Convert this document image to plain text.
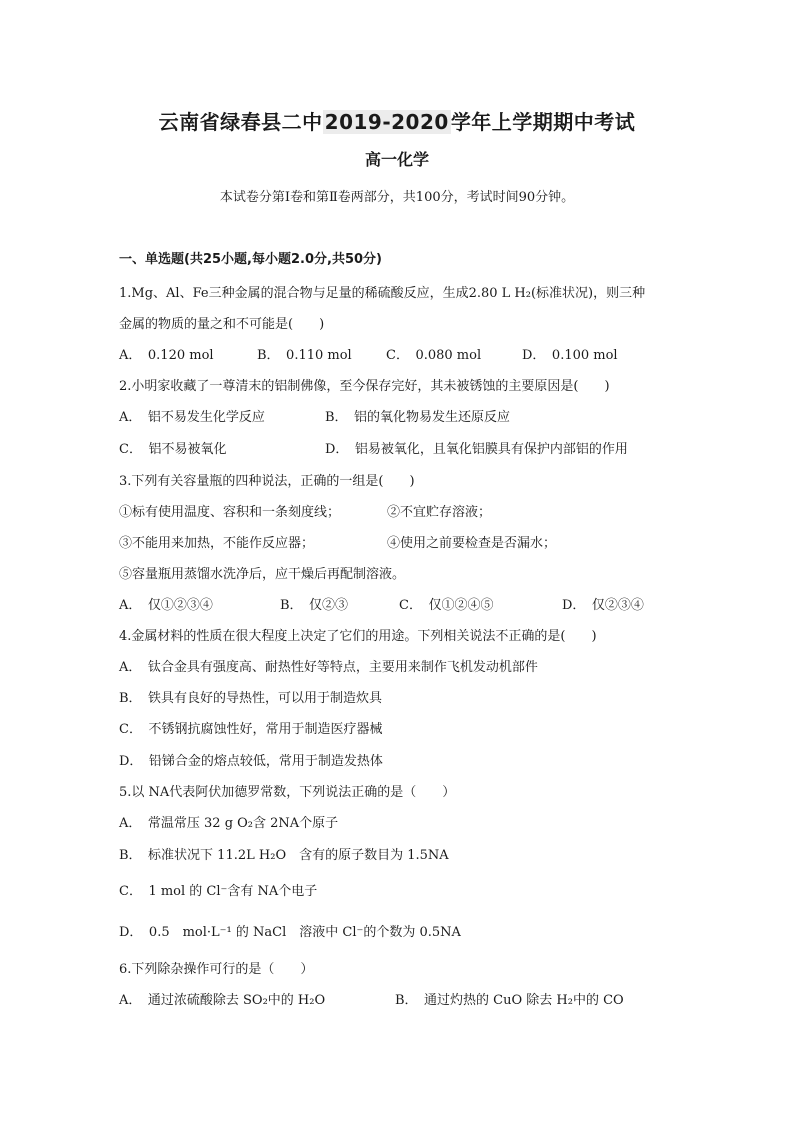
云南省绿春县二中 2019-2020 学年上学期期中考试
高一化学
本试卷分第Ⅰ卷和第Ⅱ卷两部分，共100分，考试时间90分钟。
一、单选题(共25小题,每小题2.0分,共50分)
1.Mg、Al、Fe三种金属的混合物与足量的稀硫酸反应，生成2.80 L H₂(标准状况)，则三种
金属的物质的量之和不可能是(　　)
A．　0.120 mol	B．　0.110 mol	C．　0.080 mol	D．　0.100 mol
2.小明家收藏了一尊清末的铝制佛像，至今保存完好，其未被锈蚀的主要原因是(　　)
A．　铝不易发生化学反应	B．　铝的氧化物易发生还原反应
C．　铝不易被氧化	D．　铝易被氧化，且氧化铝膜具有保护内部铝的作用
3.下列有关容量瓶的四种说法，正确的一组是(　　)
①标有使用温度、容积和一条刻度线；	②不宜贮存溶液；
③不能用来加热，不能作反应器；	④使用之前要检查是否漏水；
⑤容量瓶用蒸馏水洗净后，应干燥后再配制溶液。
A．　仅①②③④	B．　仅②③	C．　仅①②④⑤	D．　仅②③④
4.金属材料的性质在很大程度上决定了它们的用途。下列相关说法不正确的是(　　)
A．　钛合金具有强度高、耐热性好等特点，主要用来制作飞机发动机部件
B．　铁具有良好的导热性，可以用于制造炊具
C．　不锈钢抗腐蚀性好，常用于制造医疗器械
D．　铅锑合金的熔点较低，常用于制造发热体
5.以 NA代表阿伏加德罗常数，下列说法正确的是（　　）
A．　常温常压 32 g O₂含 2NA个原子
B．　标准状况下 11.2L H₂O　含有的原子数目为 1.5NA
C．　1 mol 的 Cl⁻含有 NA个电子
D．　0.5　mol·L⁻¹ 的 NaCl　溶液中 Cl⁻的个数为 0.5NA
6.下列除杂操作可行的是（　　）
A．　通过浓硫酸除去 SO₂中的 H₂O	B．　通过灼热的 CuO 除去 H₂中的 CO
